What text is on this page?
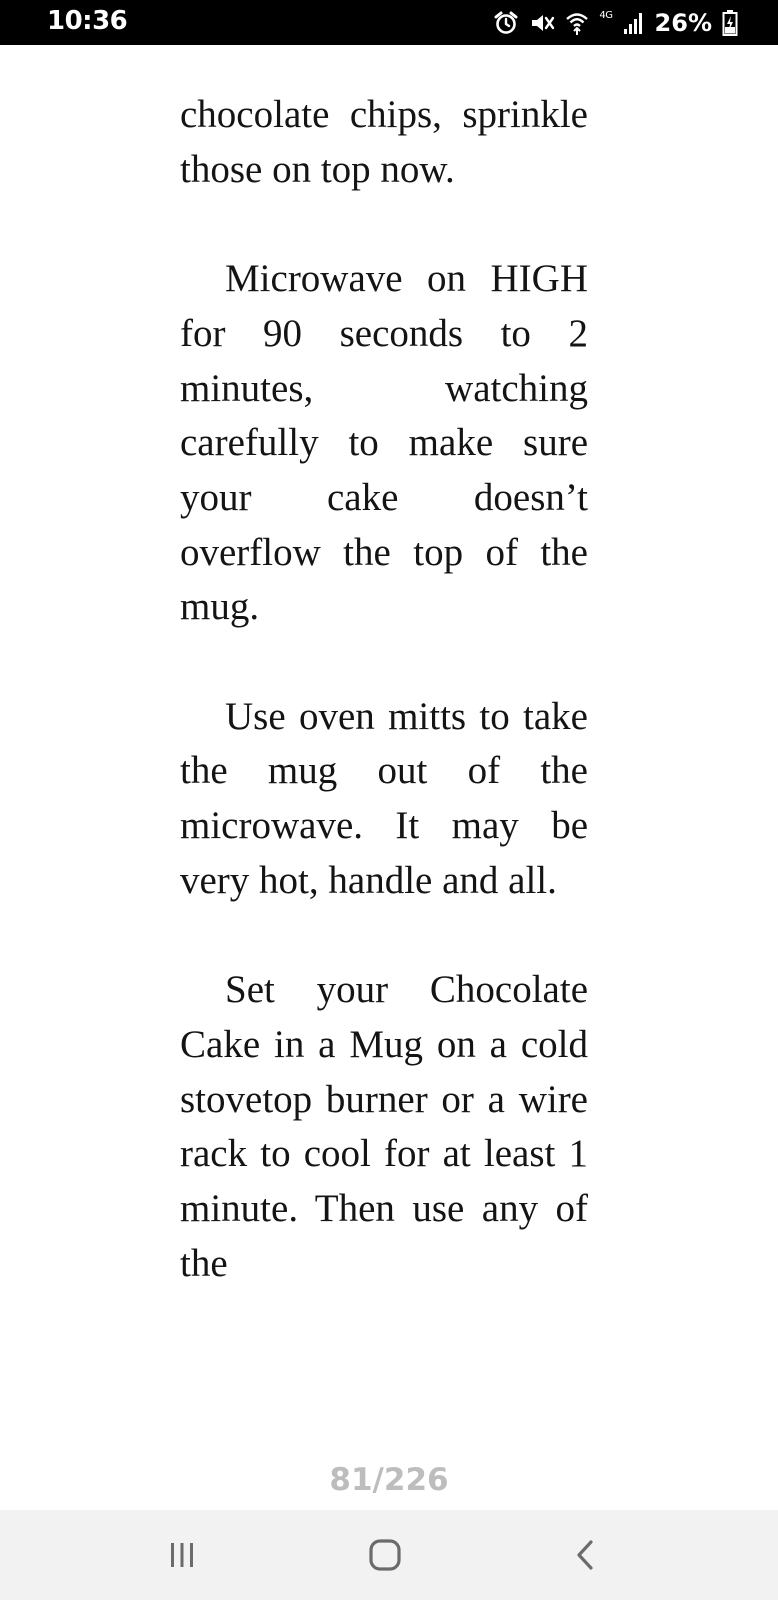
10:36	4G 26%

chocolate chips, sprinkle those on top now.

Microwave on HIGH for 90 seconds to 2 minutes, watching carefully to make sure your cake doesn’t overflow the top of the mug.

Use oven mitts to take the mug out of the microwave. It may be very hot, handle and all.

Set your Chocolate Cake in a Mug on a cold stovetop burner or a wire rack to cool for at least 1 minute. Then use any of the

81/226
